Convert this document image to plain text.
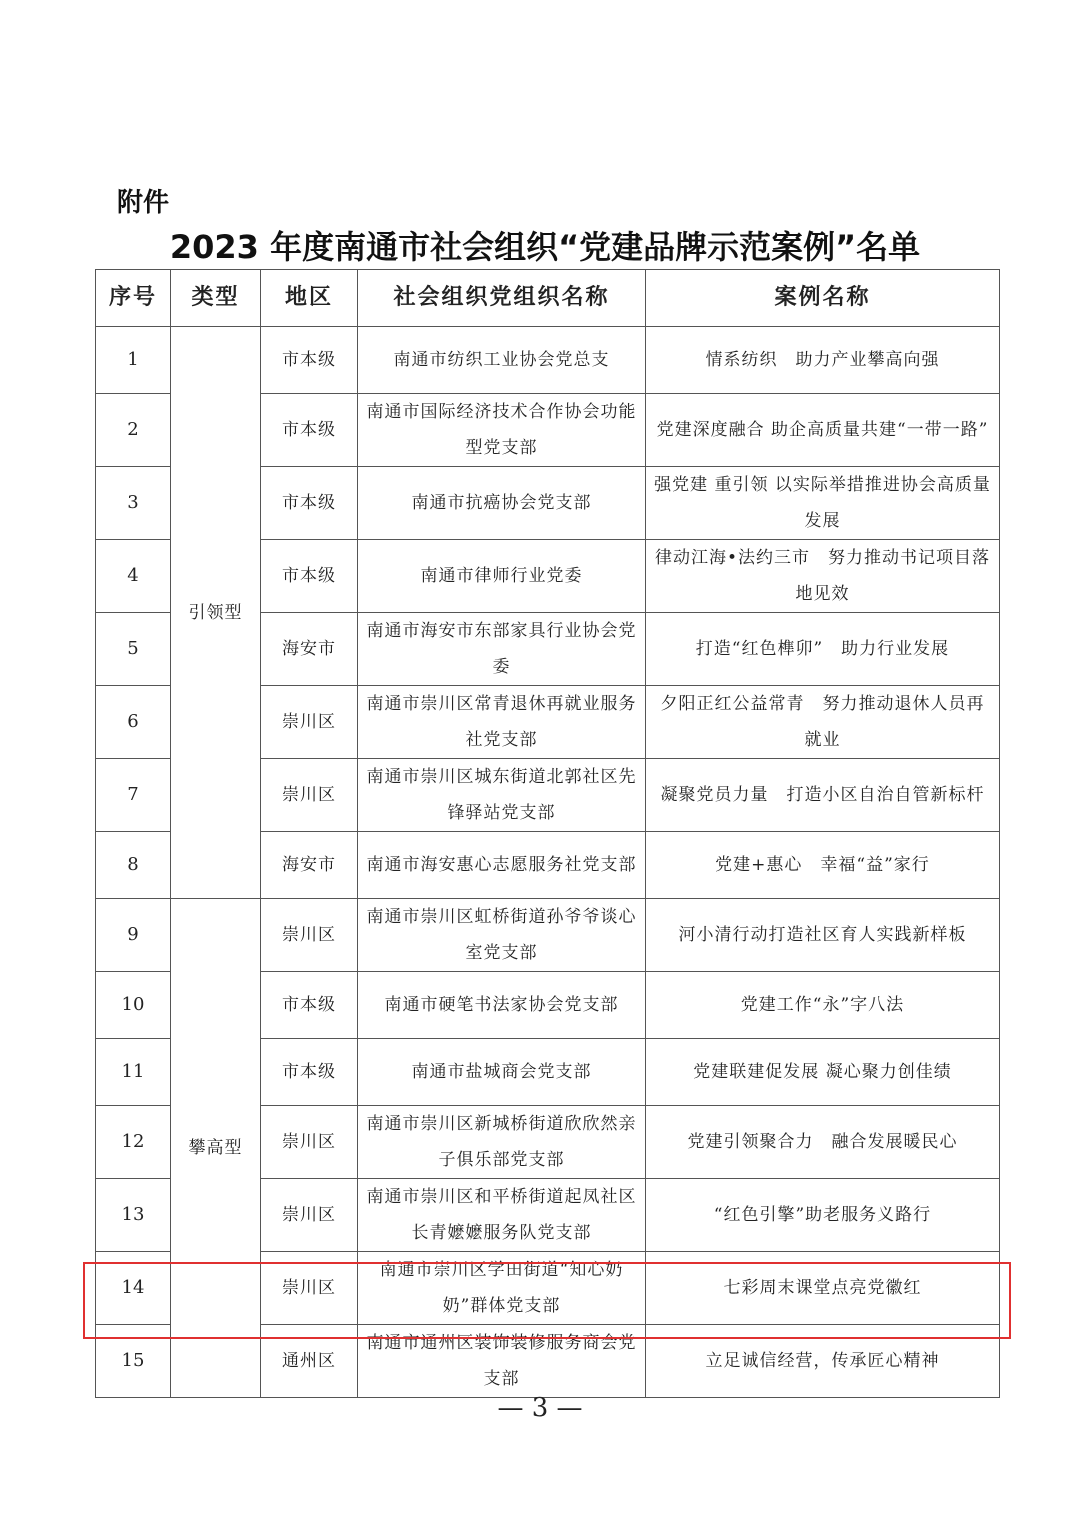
附件
2023 年度南通市社会组织“党建品牌示范案例”名单
序号	类型	地区	社会组织党组织名称	案例名称
1	引领型	市本级	南通市纺织工业协会党总支	情系纺织　助力产业攀高向强
2		市本级	南通市国际经济技术合作协会功能型党支部	党建深度融合 助企高质量共建“一带一路”
3		市本级	南通市抗癌协会党支部	强党建 重引领 以实际举措推进协会高质量发展
4		市本级	南通市律师行业党委	律动江海•法约三市　努力推动书记项目落地见效
5		海安市	南通市海安市东部家具行业协会党委	打造“红色榫卯”　助力行业发展
6		崇川区	南通市崇川区常青退休再就业服务社党支部	夕阳正红公益常青　努力推动退休人员再就业
7		崇川区	南通市崇川区城东街道北郭社区先锋驿站党支部	凝聚党员力量　打造小区自治自管新标杆
8		海安市	南通市海安惠心志愿服务社党支部	党建+惠心　幸福“益”家行
9	攀高型	崇川区	南通市崇川区虹桥街道孙爷爷谈心室党支部	河小清行动打造社区育人实践新样板
10		市本级	南通市硬笔书法家协会党支部	党建工作“永”字八法
11		市本级	南通市盐城商会党支部	党建联建促发展 凝心聚力创佳绩
12		崇川区	南通市崇川区新城桥街道欣欣然亲子俱乐部党支部	党建引领聚合力　融合发展暖民心
13		崇川区	南通市崇川区和平桥街道起凤社区长青嬷嬷服务队党支部	“红色引擎”助老服务义路行
14		崇川区	南通市崇川区学田街道“知心奶奶”群体党支部	七彩周末课堂点亮党徽红
15		通州区	南通市通州区装饰装修服务商会党支部	立足诚信经营，传承匠心精神
— 3 —
